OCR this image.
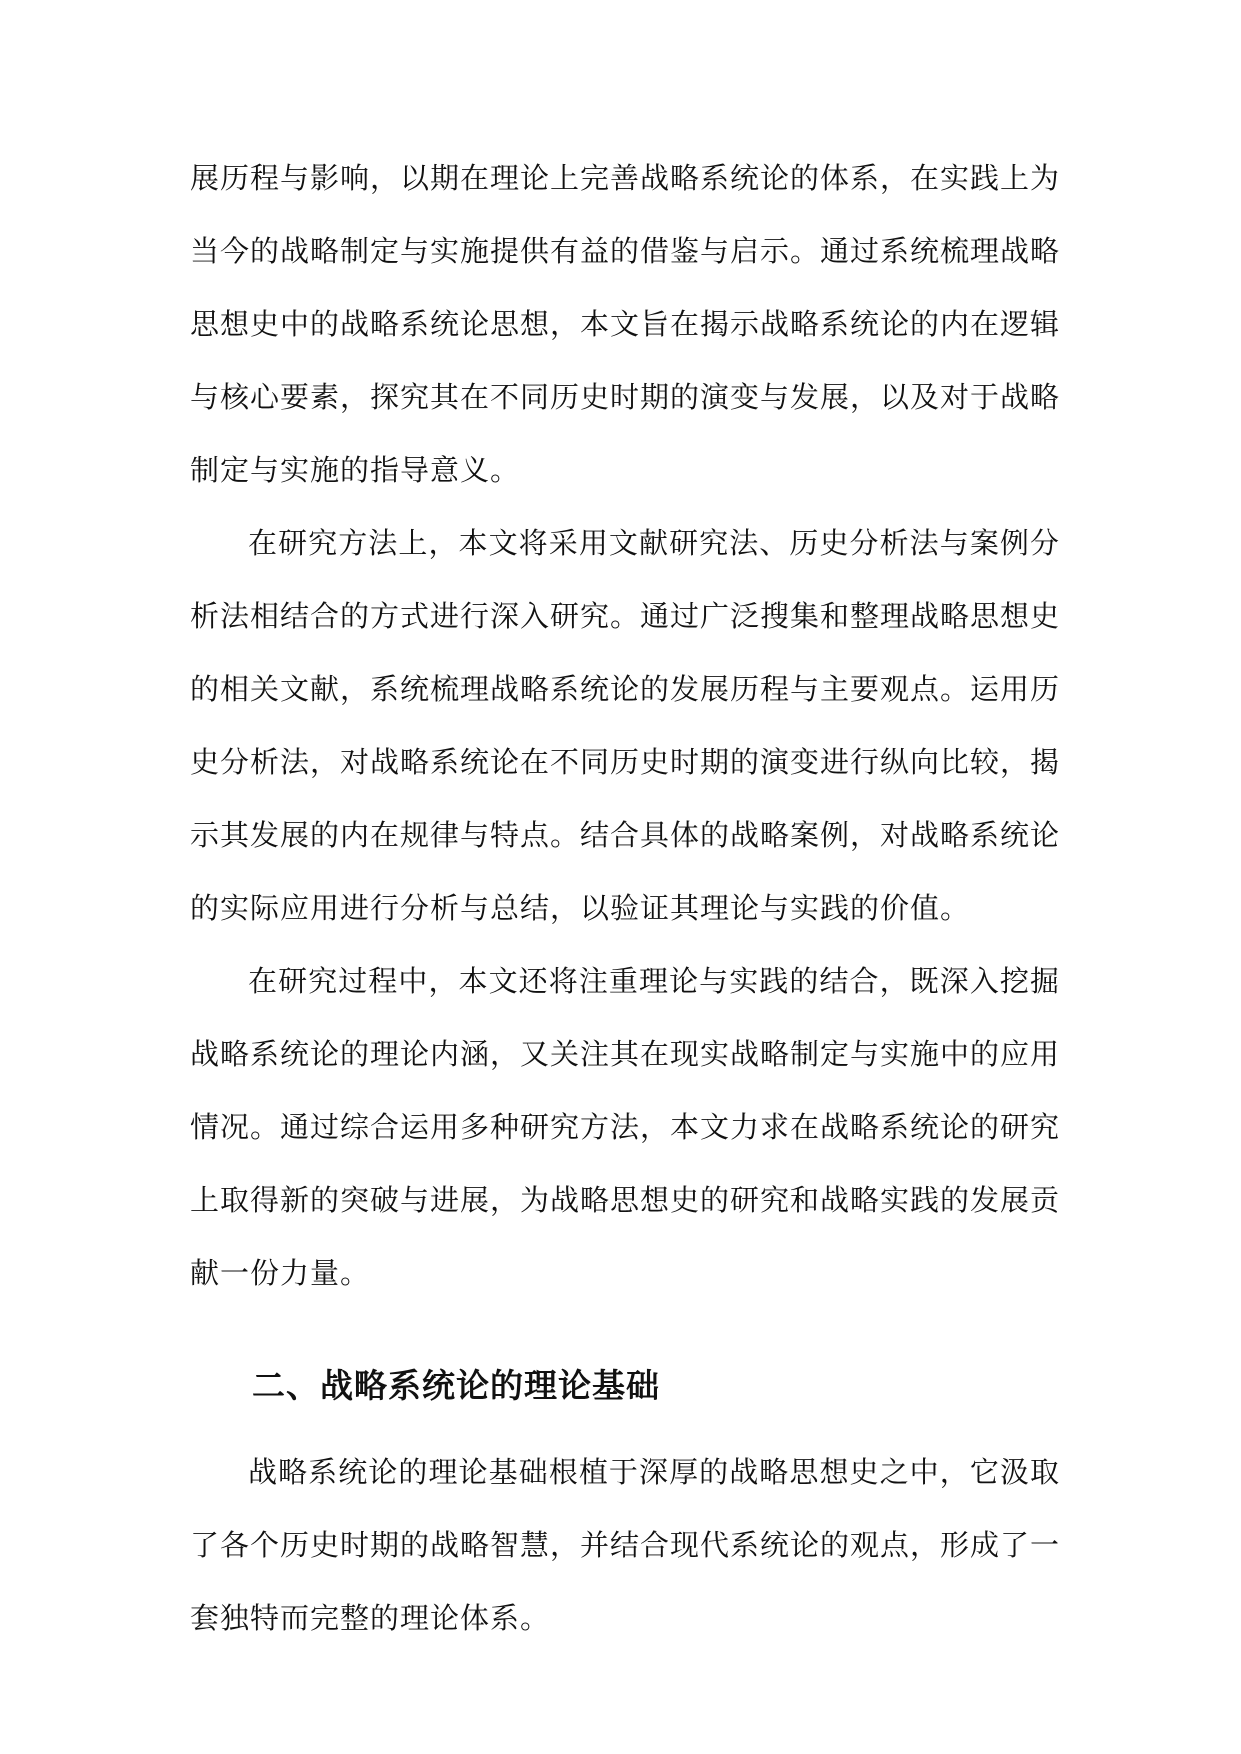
展历程与影响，以期在理论上完善战略系统论的体系，在实践上为当今的战略制定与实施提供有益的借鉴与启示。通过系统梳理战略思想史中的战略系统论思想，本文旨在揭示战略系统论的内在逻辑与核心要素，探究其在不同历史时期的演变与发展，以及对于战略制定与实施的指导意义。

在研究方法上，本文将采用文献研究法、历史分析法与案例分析法相结合的方式进行深入研究。通过广泛搜集和整理战略思想史的相关文献，系统梳理战略系统论的发展历程与主要观点。运用历史分析法，对战略系统论在不同历史时期的演变进行纵向比较，揭示其发展的内在规律与特点。结合具体的战略案例，对战略系统论的实际应用进行分析与总结，以验证其理论与实践的价值。

在研究过程中，本文还将注重理论与实践的结合，既深入挖掘战略系统论的理论内涵，又关注其在现实战略制定与实施中的应用情况。通过综合运用多种研究方法，本文力求在战略系统论的研究上取得新的突破与进展，为战略思想史的研究和战略实践的发展贡献一份力量。

二、战略系统论的理论基础

战略系统论的理论基础根植于深厚的战略思想史之中，它汲取了各个历史时期的战略智慧，并结合现代系统论的观点，形成了一套独特而完整的理论体系。
